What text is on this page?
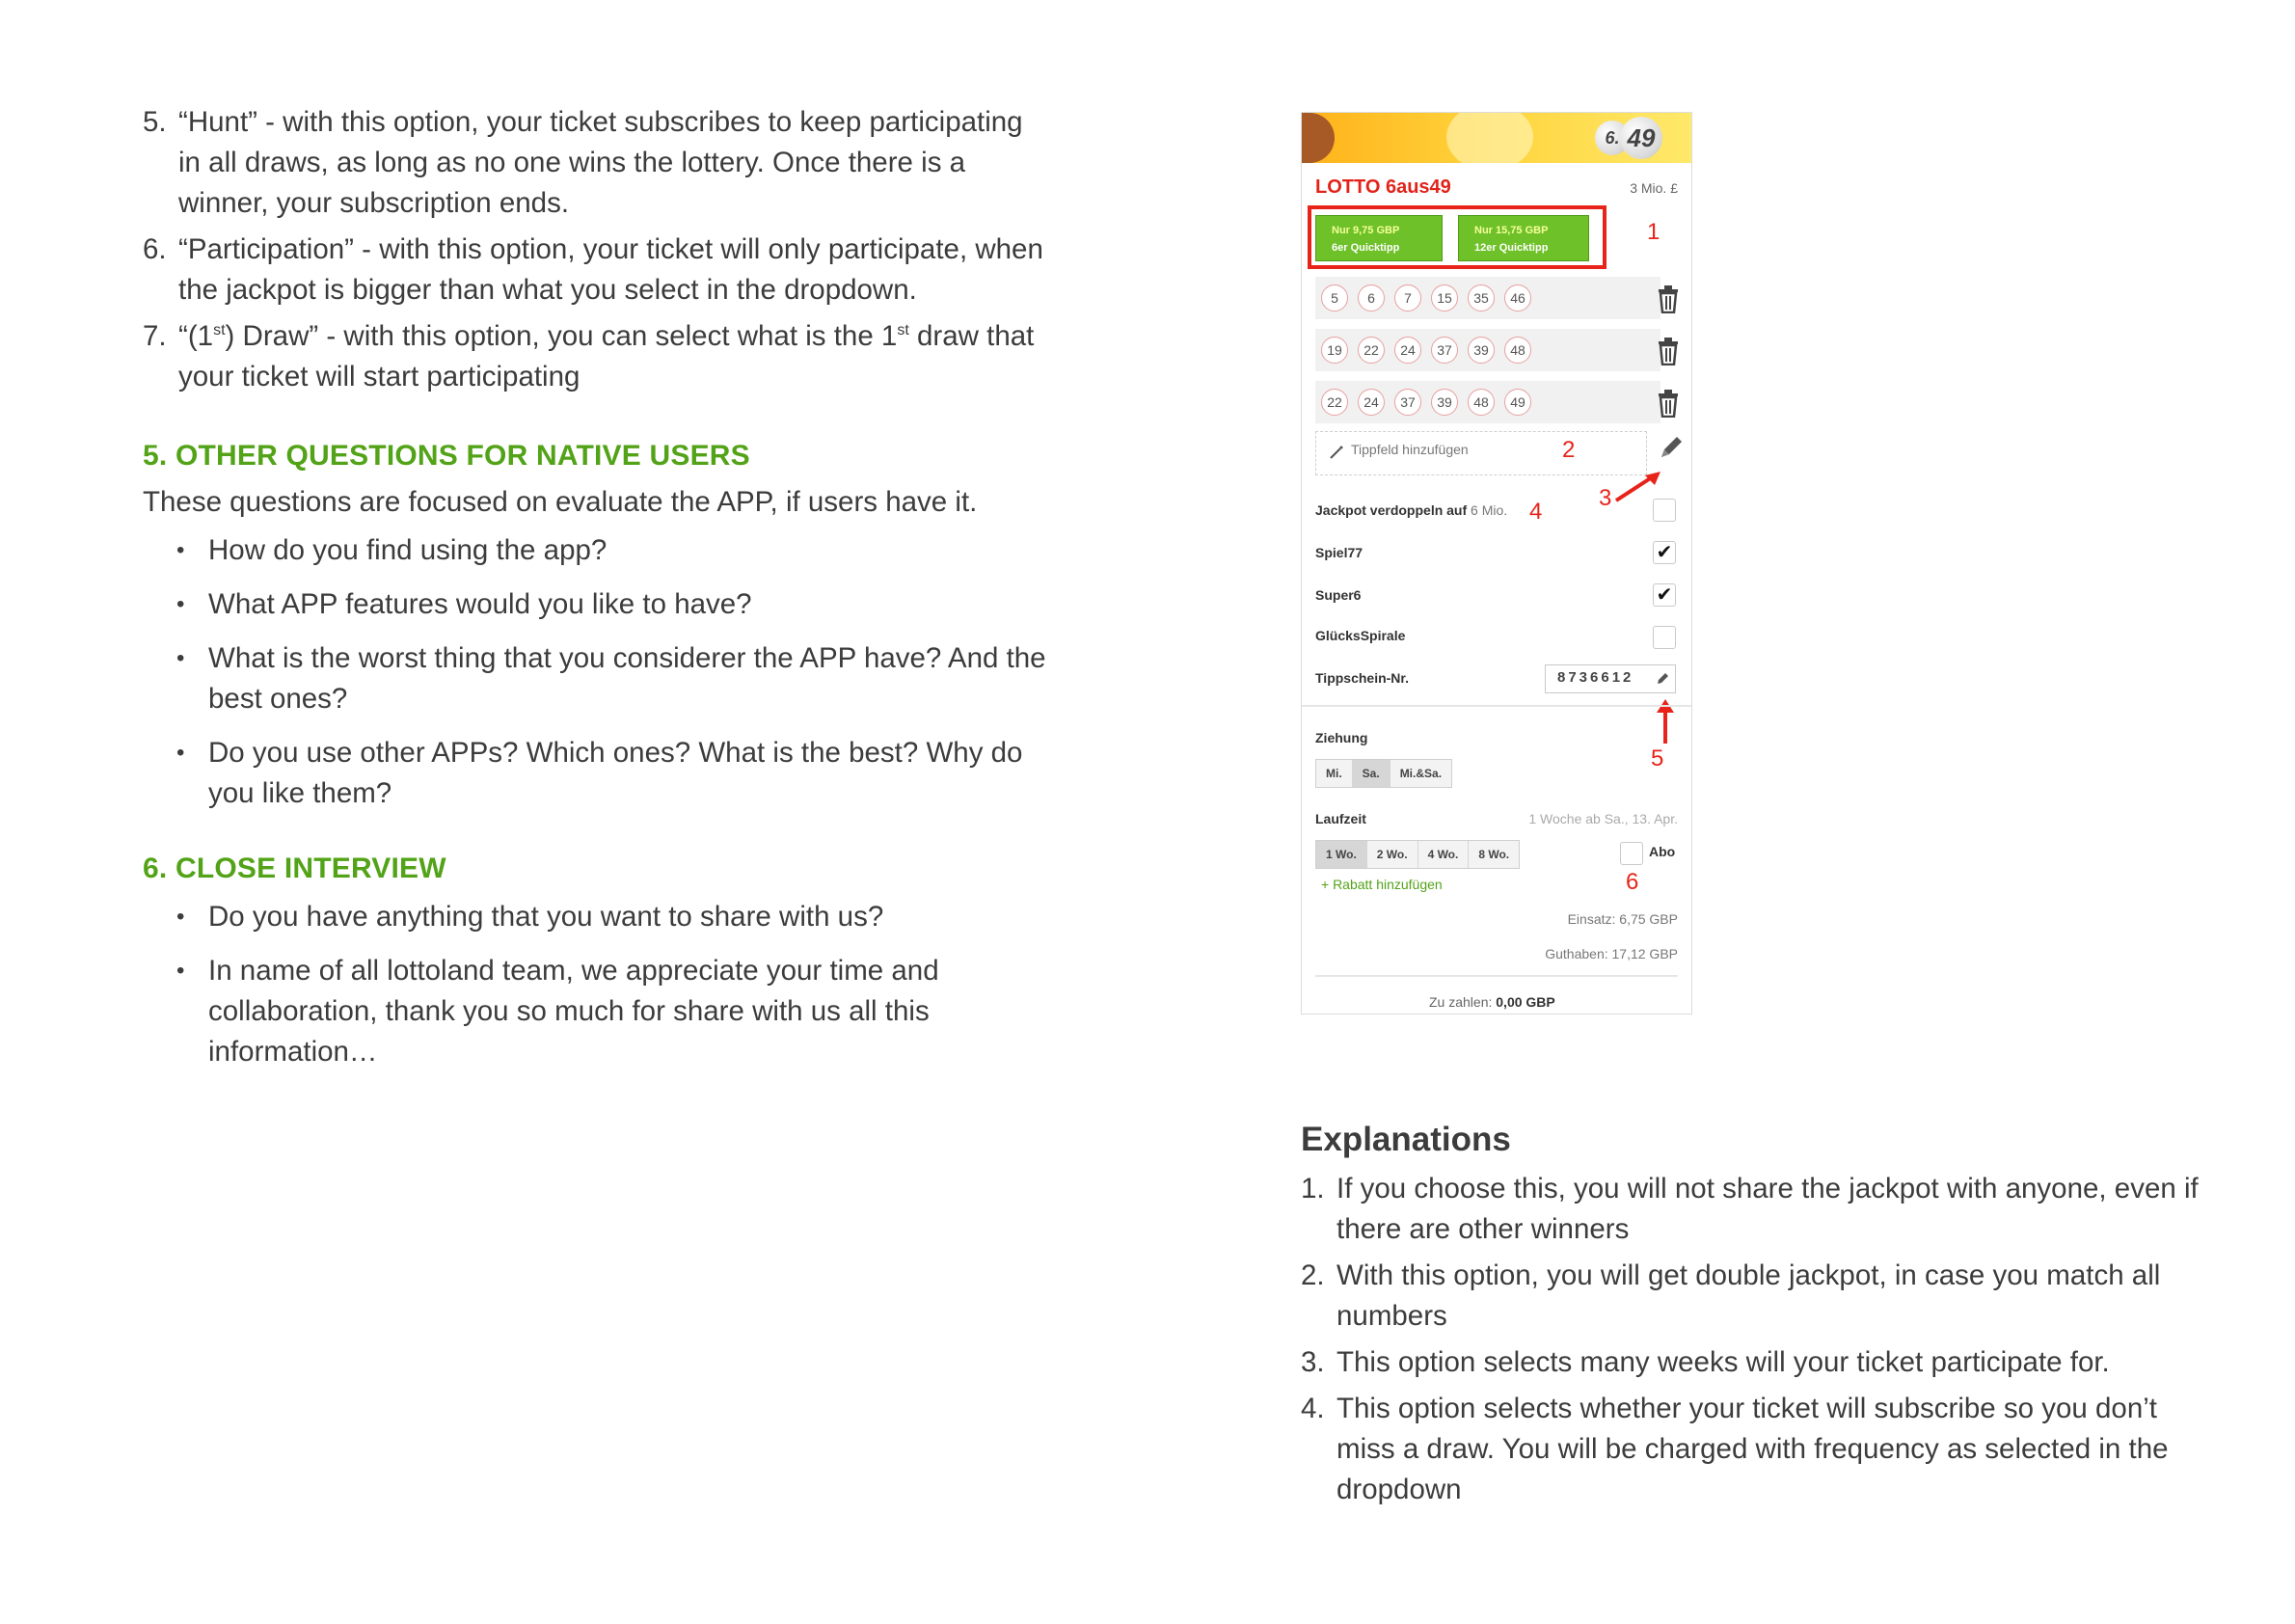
5. “Hunt” - with this option, your ticket subscribes to keep participating in all draws, as long as no one wins the lottery. Once there is a winner, your subscription ends.
6. “Participation” - with this option, your ticket will only participate, when the jackpot is bigger than what you select in the dropdown.
7. “(1st) Draw” - with this option, you can select what is the 1st draw that your ticket will start participating
5. OTHER QUESTIONS FOR NATIVE USERS
These questions are focused on evaluate the APP, if users have it.
• How do you find using the app?
• What APP features would you like to have?
• What is the worst thing that you considerer the APP have? And the best ones?
• Do you use other APPs? Which ones? What is the best? Why do you like them?
6. CLOSE INTERVIEW
• Do you have anything that you want to share with us?
• In name of all lottoland team, we appreciate your time and collaboration, thank you so much for share with us all this information…
6. 49
LOTTO 6aus49	3 Mio. £
Nur 9,75 GBP
6er Quicktipp
Nur 15,75 GBP
12er Quicktipp
1
5	6	7	15	35	46
19	22	24	37	39	48
22	24	37	39	48	49
Tippfeld hinzufügen	2
3
Jackpot verdoppeln auf 6 Mio. 4
Spiel77	✔
Super6	✔
GlücksSpirale
Tippschein-Nr.	8736612
5
Ziehung
Mi.	Sa.	Mi.&Sa.
Laufzeit	1 Woche ab Sa., 13. Apr.
1 Wo.	2 Wo.	4 Wo.	8 Wo.	Abo
6
+ Rabatt hinzufügen
Einsatz: 6,75 GBP
Guthaben: 17,12 GBP
Zu zahlen: 0,00 GBP
Explanations
1. If you choose this, you will not share the jackpot with anyone, even if there are other winners
2. With this option, you will get double jackpot, in case you match all numbers
3. This option selects many weeks will your ticket participate for.
4. This option selects whether your ticket will subscribe so you don’t miss a draw. You will be charged with frequency as selected in the dropdown
